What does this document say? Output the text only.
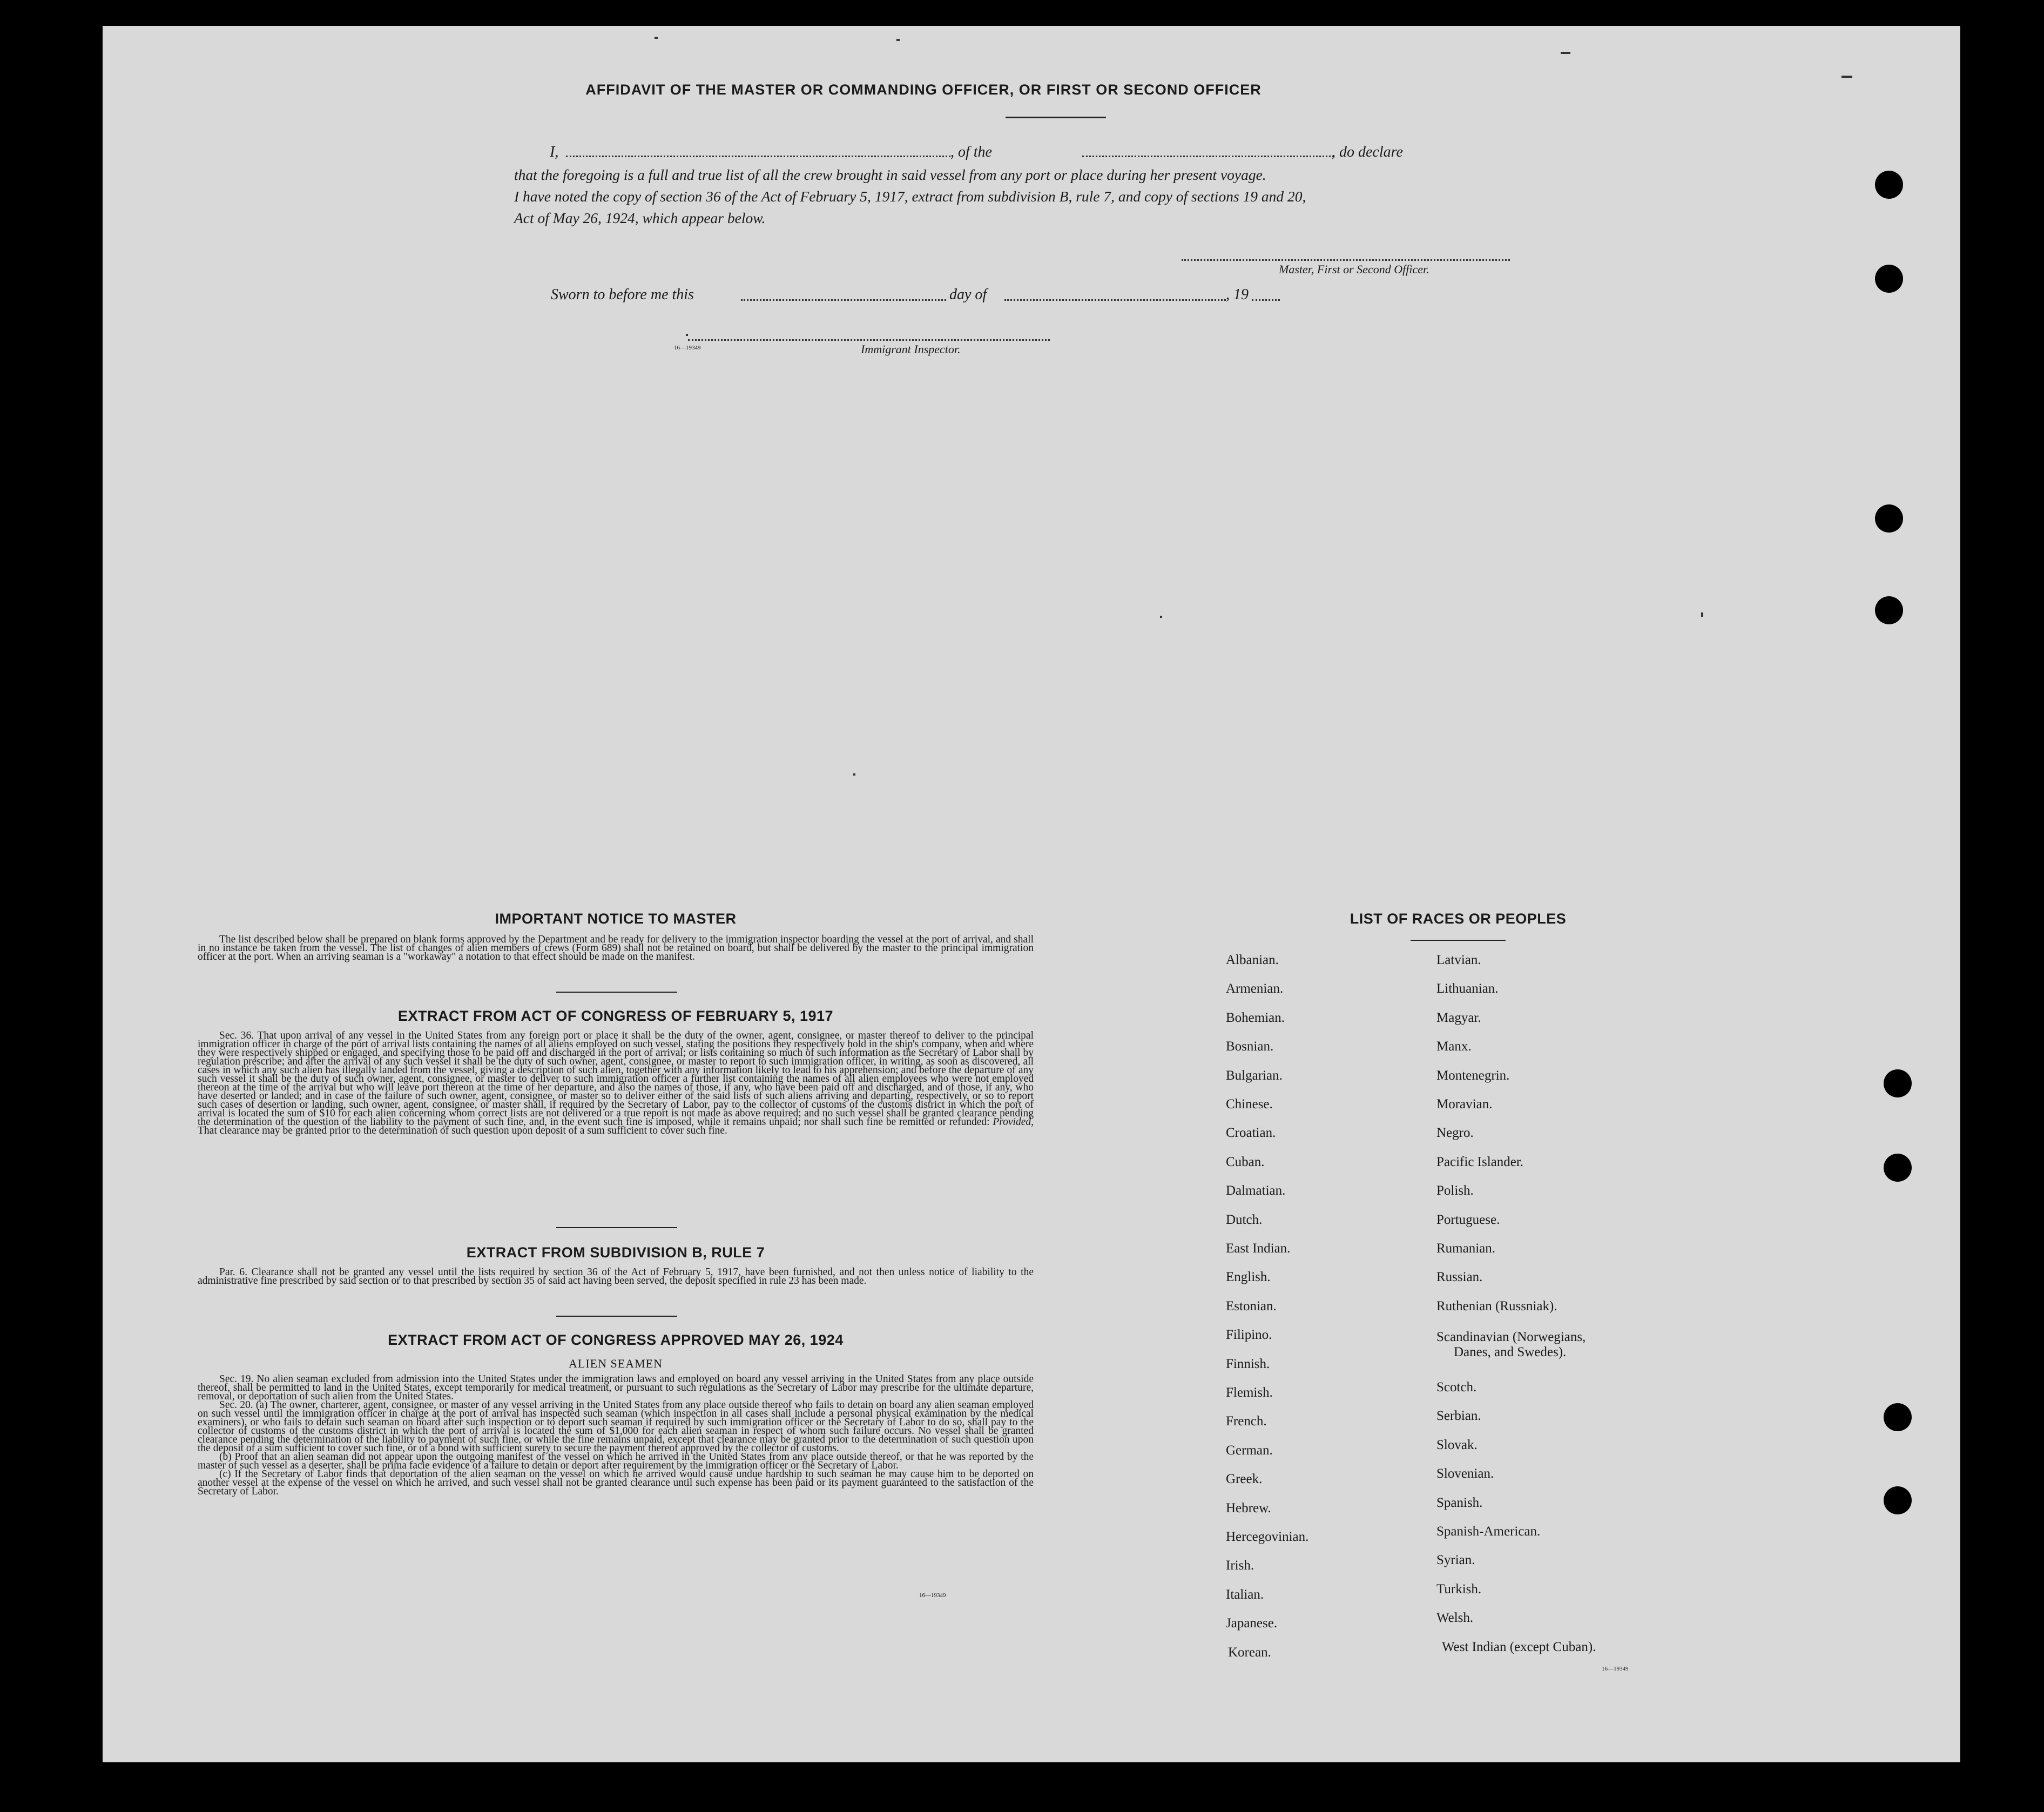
AFFIDAVIT OF THE MASTER OR COMMANDING OFFICER, OR FIRST OR SECOND OFFICER
I,	, of the	, do declare
that the foregoing is a full and true list of all the crew brought in said vessel from any port or place during her present voyage.
I have noted the copy of section 36 of the Act of February 5, 1917, extract from subdivision B, rule 7, and copy of sections 19 and 20,
Act of May 26, 1924, which appear below.
Master, First or Second Officer.
Sworn to before me this	day of	, 19
16—19349	Immigrant Inspector.
IMPORTANT NOTICE TO MASTER

The list described below shall be prepared on blank forms approved by the Department and be ready for delivery to the immigration inspector boarding the vessel at the port of arrival, and shall in no instance be taken from the vessel. The list of changes of alien members of crews (Form 689) shall not be retained on board, but shall be delivered by the master to the principal immigration officer at the port. When an arriving seaman is a "workaway" a notation to that effect should be made on the manifest.

EXTRACT FROM ACT OF CONGRESS OF FEBRUARY 5, 1917

Sec. 36. That upon arrival of any vessel in the United States from any foreign port or place it shall be the duty of the owner, agent, consignee, or master thereof to deliver to the principal immigration officer in charge of the port of arrival lists containing the names of all aliens employed on such vessel, stating the positions they respectively hold in the ship's company, when and where they were respectively shipped or engaged, and specifying those to be paid off and discharged in the port of arrival; or lists containing so much of such information as the Secretary of Labor shall by regulation prescribe; and after the arrival of any such vessel it shall be the duty of such owner, agent, consignee, or master to report to such immigration officer, in writing, as soon as discovered, all cases in which any such alien has illegally landed from the vessel, giving a description of such alien, together with any information likely to lead to his apprehension; and before the departure of any such vessel it shall be the duty of such owner, agent, consignee, or master to deliver to such immigration officer a further list containing the names of all alien employees who were not employed thereon at the time of the arrival but who will leave port thereon at the time of her departure, and also the names of those, if any, who have been paid off and discharged, and of those, if any, who have deserted or landed; and in case of the failure of such owner, agent, consignee, or master so to deliver either of the said lists of such aliens arriving and departing, respectively, or so to report such cases of desertion or landing, such owner, agent, consignee, or master shall, if required by the Secretary of Labor, pay to the collector of customs of the customs district in which the port of arrival is located the sum of $10 for each alien concerning whom correct lists are not delivered or a true report is not made as above required; and no such vessel shall be granted clearance pending the determination of the question of the liability to the payment of such fine, and, in the event such fine is imposed, while it remains unpaid; nor shall such fine be remitted or refunded: Provided, That clearance may be granted prior to the determination of such question upon deposit of a sum sufficient to cover such fine.

EXTRACT FROM SUBDIVISION B, RULE 7

Par. 6. Clearance shall not be granted any vessel until the lists required by section 36 of the Act of February 5, 1917, have been furnished, and not then unless notice of liability to the administrative fine prescribed by said section or to that prescribed by section 35 of said act having been served, the deposit specified in rule 23 has been made.

EXTRACT FROM ACT OF CONGRESS APPROVED MAY 26, 1924
ALIEN SEAMEN

Sec. 19. No alien seaman excluded from admission into the United States under the immigration laws and employed on board any vessel arriving in the United States from any place outside thereof, shall be permitted to land in the United States, except temporarily for medical treatment, or pursuant to such regulations as the Secretary of Labor may prescribe for the ultimate departure, removal, or deportation of such alien from the United States.

Sec. 20. (a) The owner, charterer, agent, consignee, or master of any vessel arriving in the United States from any place outside thereof who fails to detain on board any alien seaman employed on such vessel until the immigration officer in charge at the port of arrival has inspected such seaman (which inspection in all cases shall include a personal physical examination by the medical examiners), or who fails to detain such seaman on board after such inspection or to deport such seaman if required by such immigration officer or the Secretary of Labor to do so, shall pay to the collector of customs of the customs district in which the port of arrival is located the sum of $1,000 for each alien seaman in respect of whom such failure occurs. No vessel shall be granted clearance pending the determination of the liability to payment of such fine, or while the fine remains unpaid, except that clearance may be granted prior to the determination of such question upon the deposit of a sum sufficient to cover such fine, or of a bond with sufficient surety to secure the payment thereof approved by the collector of customs.

(b) Proof that an alien seaman did not appear upon the outgoing manifest of the vessel on which he arrived in the United States from any place outside thereof, or that he was reported by the master of such vessel as a deserter, shall be prima facie evidence of a failure to detain or deport after requirement by the immigration officer or the Secretary of Labor.

(c) If the Secretary of Labor finds that deportation of the alien seaman on the vessel on which he arrived would cause undue hardship to such seaman he may cause him to be deported on another vessel at the expense of the vessel on which he arrived, and such vessel shall not be granted clearance until such expense has been paid or its payment guaranteed to the satisfaction of the Secretary of Labor.

16—19349
LIST OF RACES OR PEOPLES
Albanian.
Armenian.
Bohemian.
Bosnian.
Bulgarian.
Chinese.
Croatian.
Cuban.
Dalmatian.
Dutch.
East Indian.
English.
Estonian.
Filipino.
Finnish.
Flemish.
French.
German.
Greek.
Hebrew.
Hercegovinian.
Irish.
Italian.
Japanese.
Korean.
Latvian.
Lithuanian.
Magyar.
Manx.
Montenegrin.
Moravian.
Negro.
Pacific Islander.
Polish.
Portuguese.
Rumanian.
Russian.
Ruthenian (Russniak).
Scandinavian (Norwegians,
Danes, and Swedes).
Scotch.
Serbian.
Slovak.
Slovenian.
Spanish.
Spanish-American.
Syrian.
Turkish.
Welsh.
West Indian (except Cuban).
16—19349
